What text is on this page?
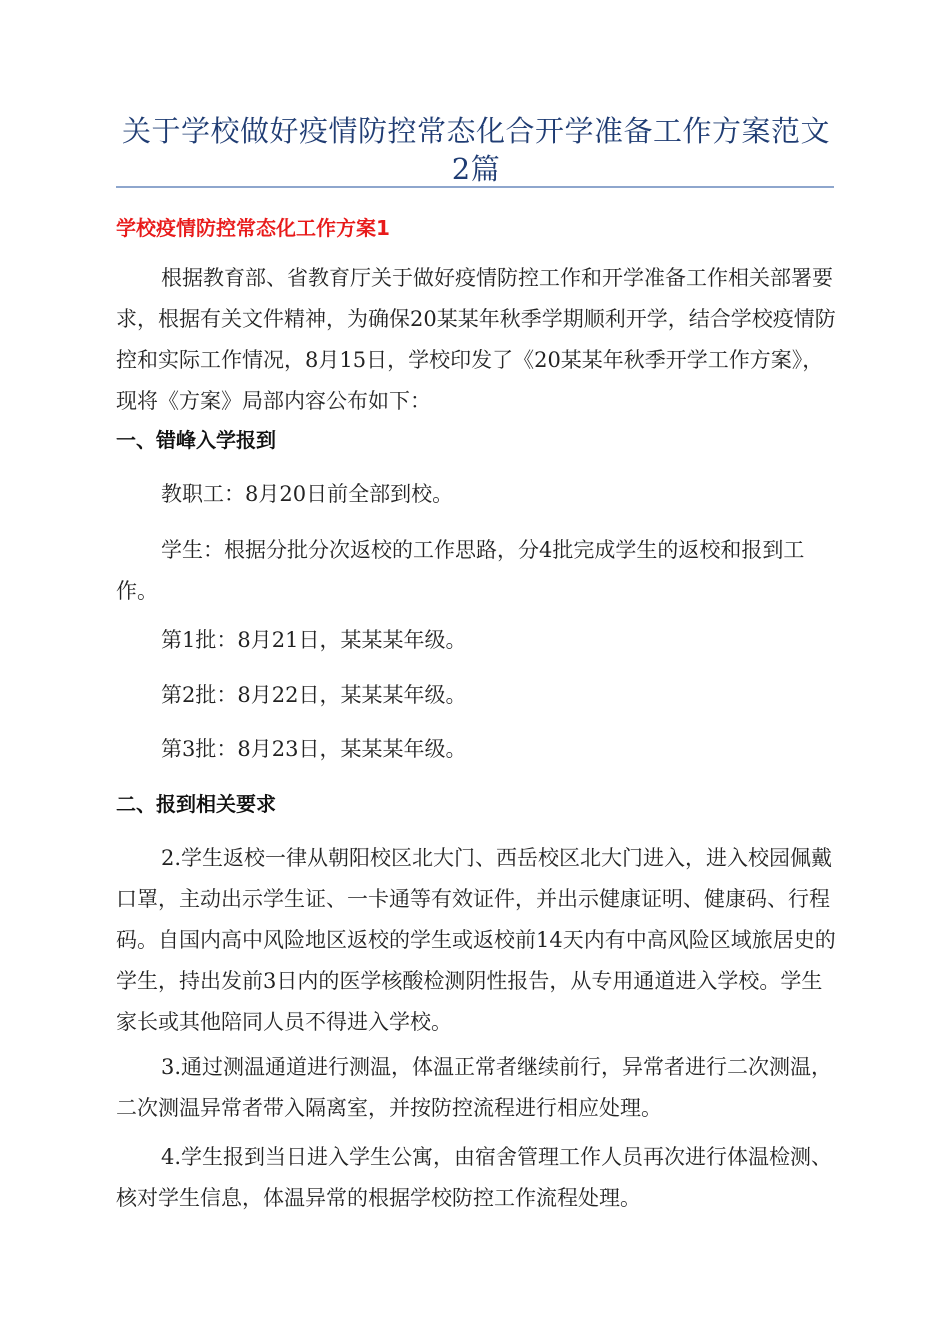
关于学校做好疫情防控常态化合开学准备工作方案范文2篇
学校疫情防控常态化工作方案1
根据教育部、省教育厅关于做好疫情防控工作和开学准备工作相关部署要求，根据有关文件精神，为确保20某某年秋季学期顺利开学，结合学校疫情防控和实际工作情况，8月15日，学校印发了《20某某年秋季开学工作方案》，现将《方案》局部内容公布如下：
一、错峰入学报到
教职工：8月20日前全部到校。
学生：根据分批分次返校的工作思路，分4批完成学生的返校和报到工作。
第1批：8月21日，某某某年级。
第2批：8月22日，某某某年级。
第3批：8月23日，某某某年级。
二、报到相关要求
2.学生返校一律从朝阳校区北大门、西岳校区北大门进入，进入校园佩戴口罩，主动出示学生证、一卡通等有效证件，并出示健康证明、健康码、行程码。自国内高中风险地区返校的学生或返校前14天内有中高风险区域旅居史的学生，持出发前3日内的医学核酸检测阴性报告，从专用通道进入学校。学生家长或其他陪同人员不得进入学校。
3.通过测温通道进行测温，体温正常者继续前行，异常者进行二次测温，二次测温异常者带入隔离室，并按防控流程进行相应处理。
4.学生报到当日进入学生公寓，由宿舍管理工作人员再次进行体温检测、核对学生信息，体温异常的根据学校防控工作流程处理。
